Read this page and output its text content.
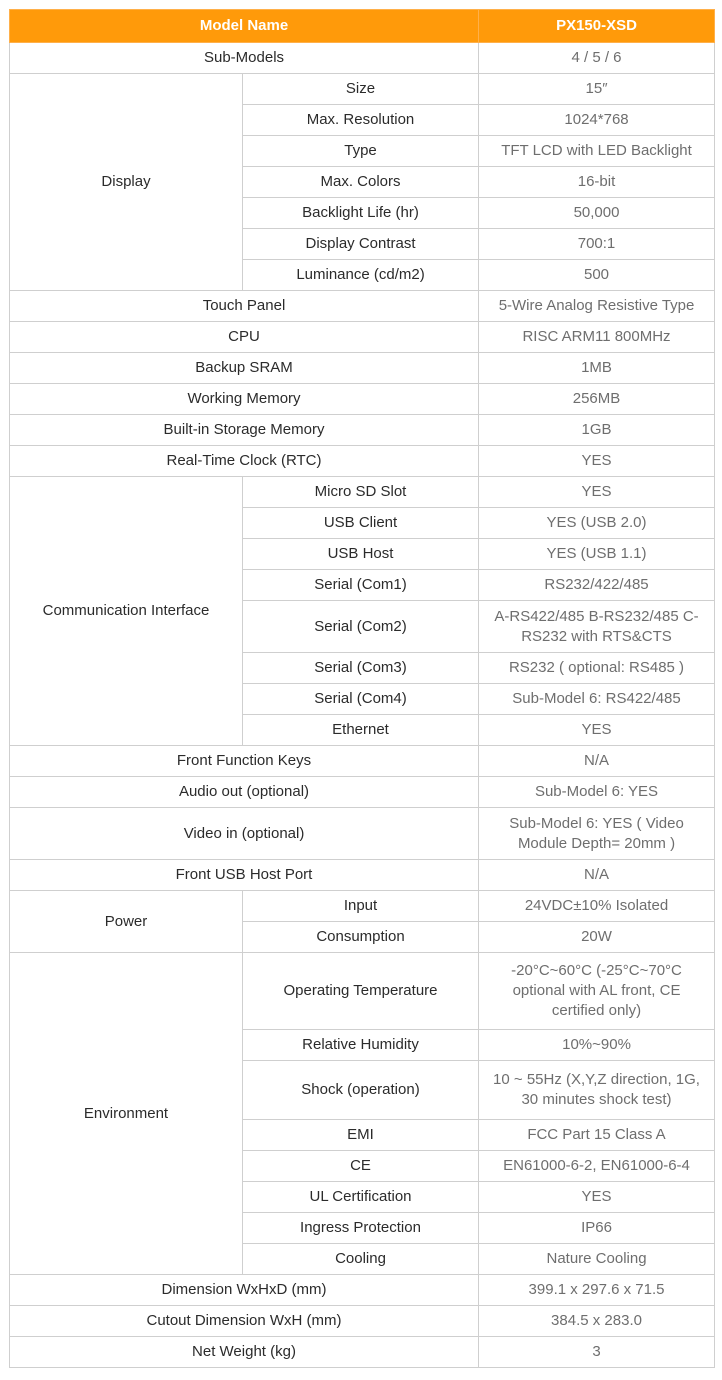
Model Name		PX150-XSD
Sub-Models		4 / 5 / 6
Display	Size	15″
	Max. Resolution	1024*768
	Type	TFT LCD with LED Backlight
	Max. Colors	16-bit
	Backlight Life (hr)	50,000
	Display Contrast	700:1
	Luminance (cd/m2)	500
Touch Panel		5-Wire Analog Resistive Type
CPU		RISC ARM11 800MHz
Backup SRAM		1MB
Working Memory		256MB
Built-in Storage Memory		1GB
Real-Time Clock (RTC)		YES
Communication Interface	Micro SD Slot	YES
	USB Client	YES (USB 2.0)
	USB Host	YES (USB 1.1)
	Serial (Com1)	RS232/422/485
	Serial (Com2)	A-RS422/485 B-RS232/485 C-RS232 with RTS&CTS
	Serial (Com3)	RS232 ( optional: RS485 )
	Serial (Com4)	Sub-Model 6: RS422/485
	Ethernet	YES
Front Function Keys		N/A
Audio out (optional)		Sub-Model 6: YES
Video in (optional)		Sub-Model 6: YES ( Video Module Depth= 20mm )
Front USB Host Port		N/A
Power	Input	24VDC±10% Isolated
	Consumption	20W
Environment	Operating Temperature	-20°C~60°C (-25°C~70°C optional with AL front, CE certified only)
	Relative Humidity	10%~90%
	Shock (operation)	10 ~ 55Hz (X,Y,Z direction, 1G, 30 minutes shock test)
	EMI	FCC Part 15 Class A
	CE	EN61000-6-2, EN61000-6-4
	UL Certification	YES
	Ingress Protection	IP66
	Cooling	Nature Cooling
Dimension WxHxD (mm)		399.1 x 297.6 x 71.5
Cutout Dimension WxH (mm)		384.5 x 283.0
Net Weight (kg)		3
